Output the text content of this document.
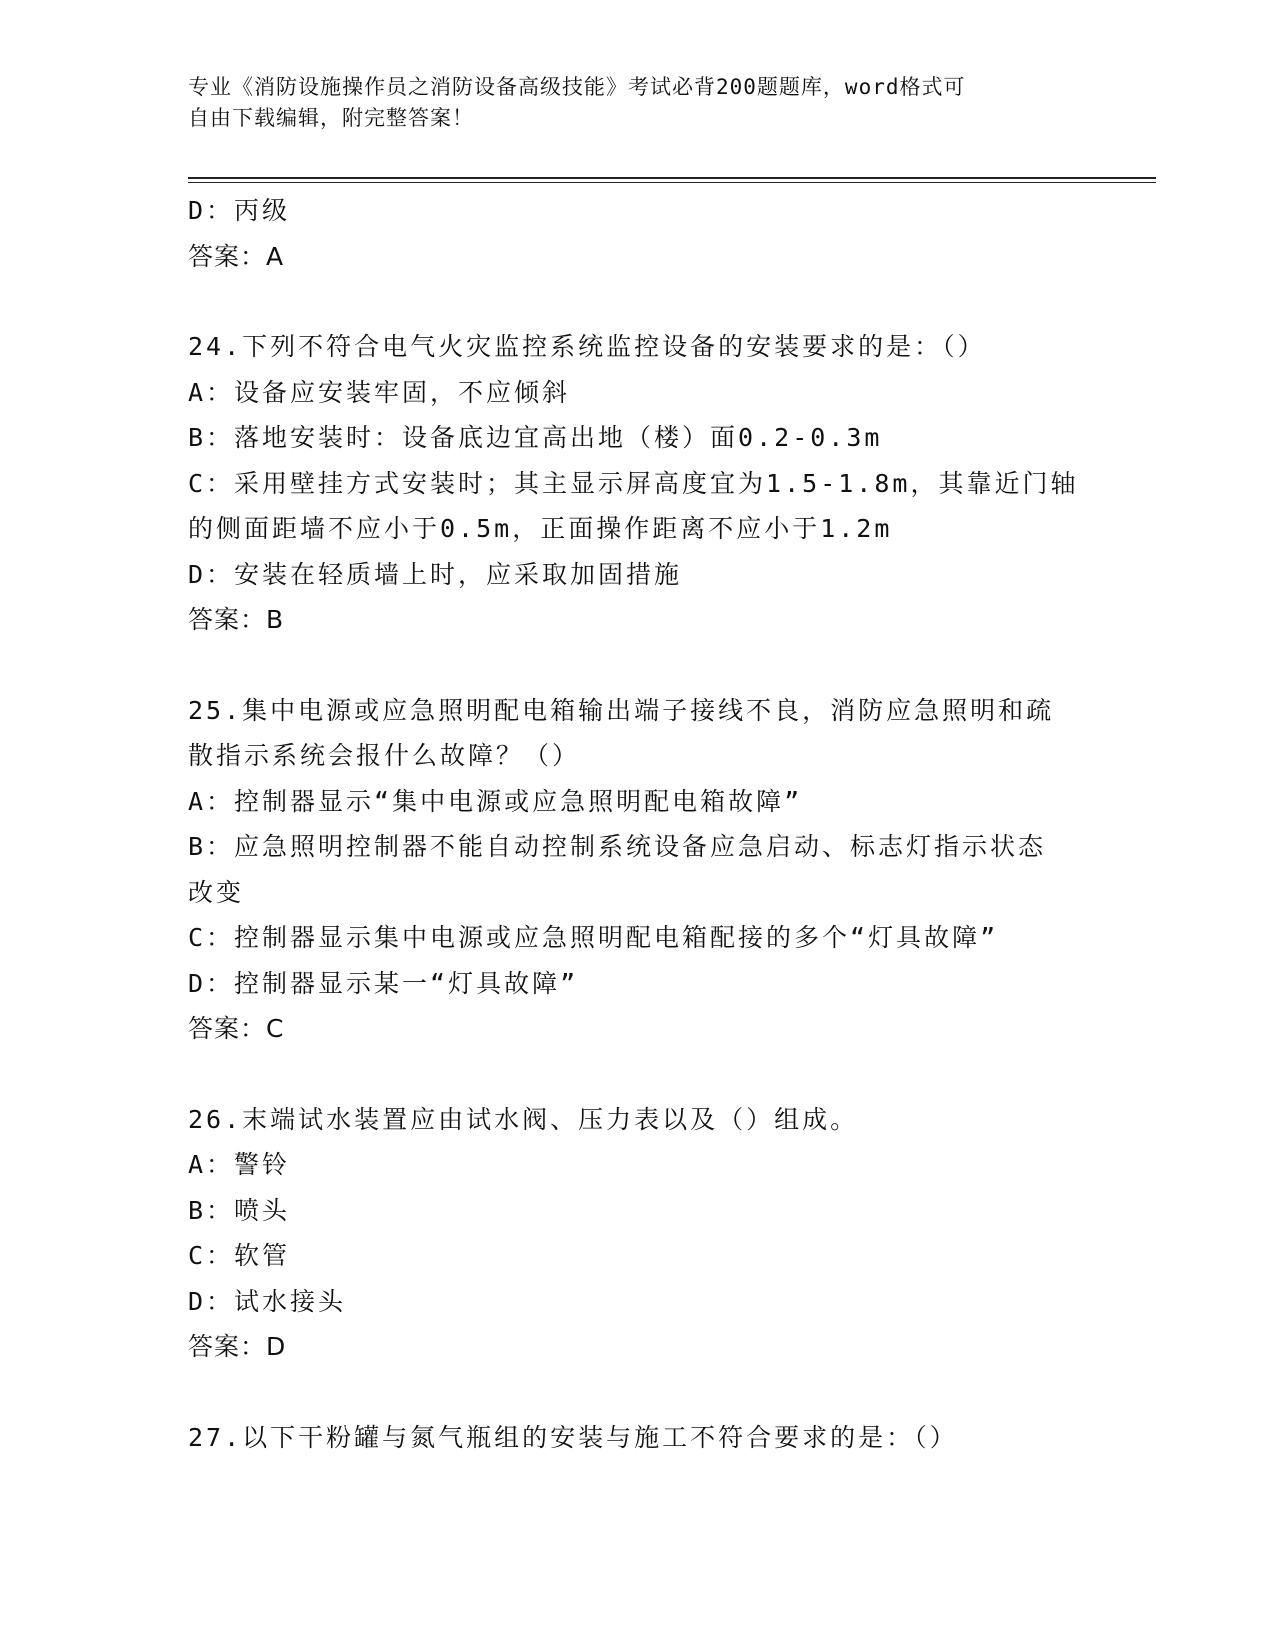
专业《消防设施操作员之消防设备高级技能》考试必背200题题库，word格式可
自由下载编辑，附完整答案！
D：丙级
答案：A
24.下列不符合电气火灾监控系统监控设备的安装要求的是：（）
A：设备应安装牢固，不应倾斜
B：落地安装时：设备底边宜高出地（楼）面0.2-0.3m
C：采用壁挂方式安装时；其主显示屏高度宜为1.5-1.8m，其靠近门轴
的侧面距墙不应小于0.5m，正面操作距离不应小于1.2m
D：安装在轻质墙上时，应采取加固措施
答案：B
25.集中电源或应急照明配电箱输出端子接线不良，消防应急照明和疏
散指示系统会报什么故障？（）
A：控制器显示“集中电源或应急照明配电箱故障”
B：应急照明控制器不能自动控制系统设备应急启动、标志灯指示状态
改变
C：控制器显示集中电源或应急照明配电箱配接的多个“灯具故障”
D：控制器显示某一“灯具故障”
答案：C
26.末端试水装置应由试水阀、压力表以及（）组成。
A：警铃
B：喷头
C：软管
D：试水接头
答案：D
27.以下干粉罐与氮气瓶组的安装与施工不符合要求的是：（）
